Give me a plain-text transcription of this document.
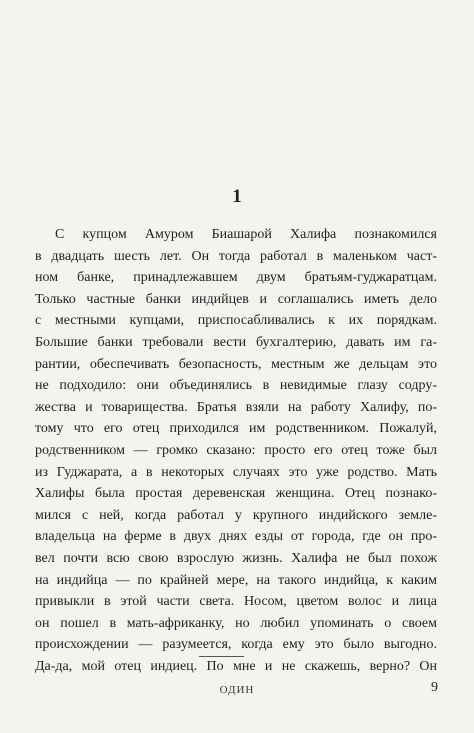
1
С купцом Амуром Биашарой Халифа познакомился
в двадцать шесть лет. Он тогда работал в маленьком част-
ном банке, принадлежавшем двум братьям-гуджаратцам.
Только частные банки индийцев и соглашались иметь дело
с местными купцами, приспосабливались к их порядкам.
Большие банки требовали вести бухгалтерию, давать им га-
рантии, обеспечивать безопасность, местным же дельцам это
не подходило: они объединялись в невидимые глазу содру-
жества и товарищества. Братья взяли на работу Халифу, по-
тому что его отец приходился им родственником. Пожалуй,
родственником — громко сказано: просто его отец тоже был
из Гуджарата, а в некоторых случаях это уже родство. Мать
Халифы была простая деревенская женщина. Отец познако-
мился с ней, когда работал у крупного индийского земле-
владельца на ферме в двух днях езды от города, где он про-
вел почти всю свою взрослую жизнь. Халифа не был похож
на индийца — по крайней мере, на такого индийца, к каким
привыкли в этой части света. Носом, цветом волос и лица
он пошел в мать-африканку, но любил упоминать о своем
происхождении — разумеется, когда ему это было выгодно.
Да-да, мой отец индиец. По мне и не скажешь, верно? Он
ОДИН	9
